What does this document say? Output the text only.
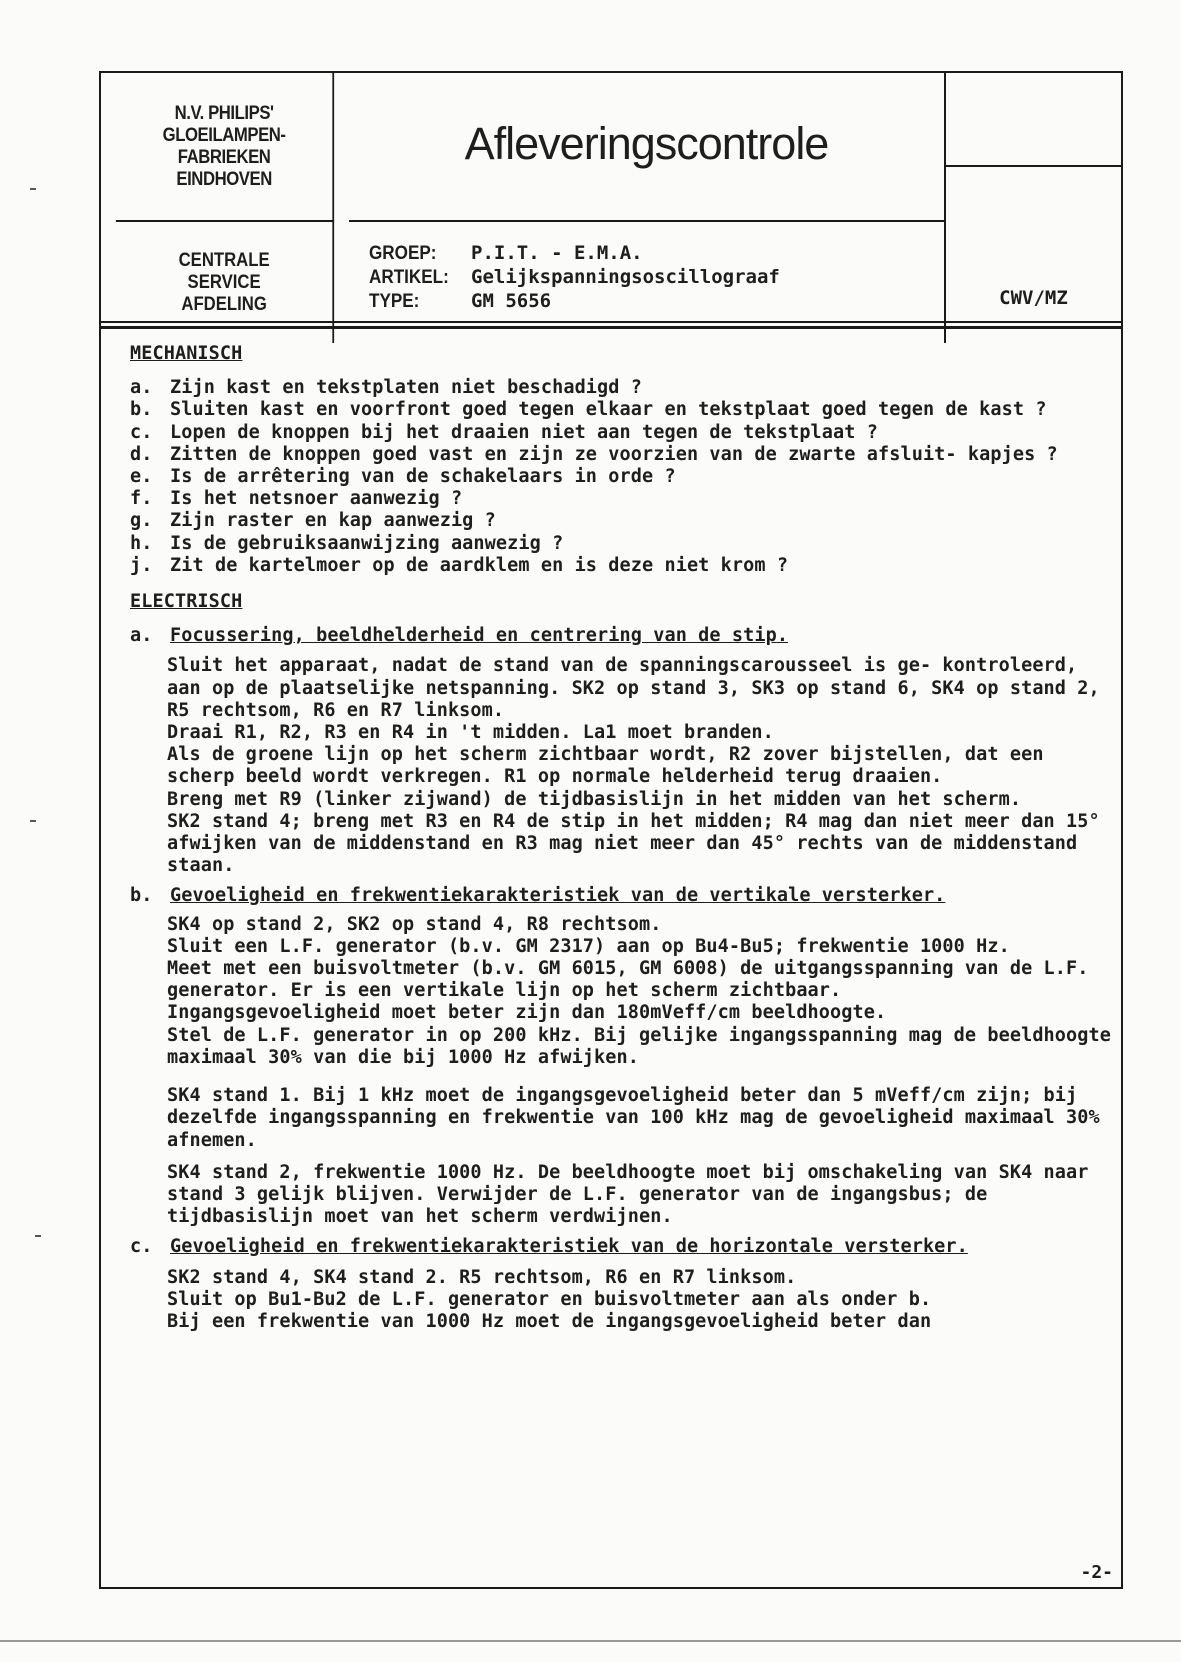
N.V. PHILIPS'
GLOEILAMPEN-
FABRIEKEN
EINDHOVEN
Afleveringscontrole
CWV/MZ
CENTRALE
SERVICE
AFDELING
GROEP:	P.I.T. - E.M.A.
ARTIKEL:	Gelijkspanningsoscillograaf
TYPE:	GM 5656

MECHANISCH

a. Zijn kast en tekstplaten niet beschadigd ?
b. Sluiten kast en voorfront goed tegen elkaar en tekstplaat goed tegen de kast ?
c. Lopen de knoppen bij het draaien niet aan tegen de tekstplaat ?
d. Zitten de knoppen goed vast en zijn ze voorzien van de zwarte afsluit- kapjes ?
e. Is de arrêtering van de schakelaars in orde ?
f. Is het netsnoer aanwezig ?
g. Zijn raster en kap aanwezig ?
h. Is de gebruiksaanwijzing aanwezig ?
j. Zit de kartelmoer op de aardklem en is deze niet krom ?

ELECTRISCH

a. Focussering, beeldhelderheid en centrering van de stip.
Sluit het apparaat, nadat de stand van de spanningscarousseel is ge- kontroleerd, aan op de plaatselijke netspanning. SK2 op stand 3, SK3 op stand 6, SK4 op stand 2, R5 rechtsom, R6 en R7 linksom.
Draai R1, R2, R3 en R4 in 't midden. La1 moet branden.
Als de groene lijn op het scherm zichtbaar wordt, R2 zover bijstellen, dat een scherp beeld wordt verkregen. R1 op normale helderheid terug draaien.
Breng met R9 (linker zijwand) de tijdbasislijn in het midden van het scherm.
SK2 stand 4; breng met R3 en R4 de stip in het midden; R4 mag dan niet meer dan 15° afwijken van de middenstand en R3 mag niet meer dan 45° rechts van de middenstand staan.
b. Gevoeligheid en frekwentiekarakteristiek van de vertikale versterker.
SK4 op stand 2, SK2 op stand 4, R8 rechtsom.
Sluit een L.F. generator (b.v. GM 2317) aan op Bu4-Bu5; frekwentie 1000 Hz.
Meet met een buisvoltmeter (b.v. GM 6015, GM 6008) de uitgangsspanning van de L.F. generator. Er is een vertikale lijn op het scherm zichtbaar.
Ingangsgevoeligheid moet beter zijn dan 180mVeff/cm beeldhoogte.
Stel de L.F. generator in op 200 kHz. Bij gelijke ingangsspanning mag de beeldhoogte maximaal 30% van die bij 1000 Hz afwijken.
SK4 stand 1. Bij 1 kHz moet de ingangsgevoeligheid beter dan 5 mVeff/cm zijn; bij dezelfde ingangsspanning en frekwentie van 100 kHz mag de gevoeligheid maximaal 30% afnemen.
SK4 stand 2, frekwentie 1000 Hz. De beeldhoogte moet bij omschakeling van SK4 naar stand 3 gelijk blijven. Verwijder de L.F. generator van de ingangsbus; de tijdbasislijn moet van het scherm verdwijnen.
c. Gevoeligheid en frekwentiekarakteristiek van de horizontale versterker.
SK2 stand 4, SK4 stand 2. R5 rechtsom, R6 en R7 linksom.
Sluit op Bu1-Bu2 de L.F. generator en buisvoltmeter aan als onder b.
Bij een frekwentie van 1000 Hz moet de ingangsgevoeligheid beter dan
-2-
